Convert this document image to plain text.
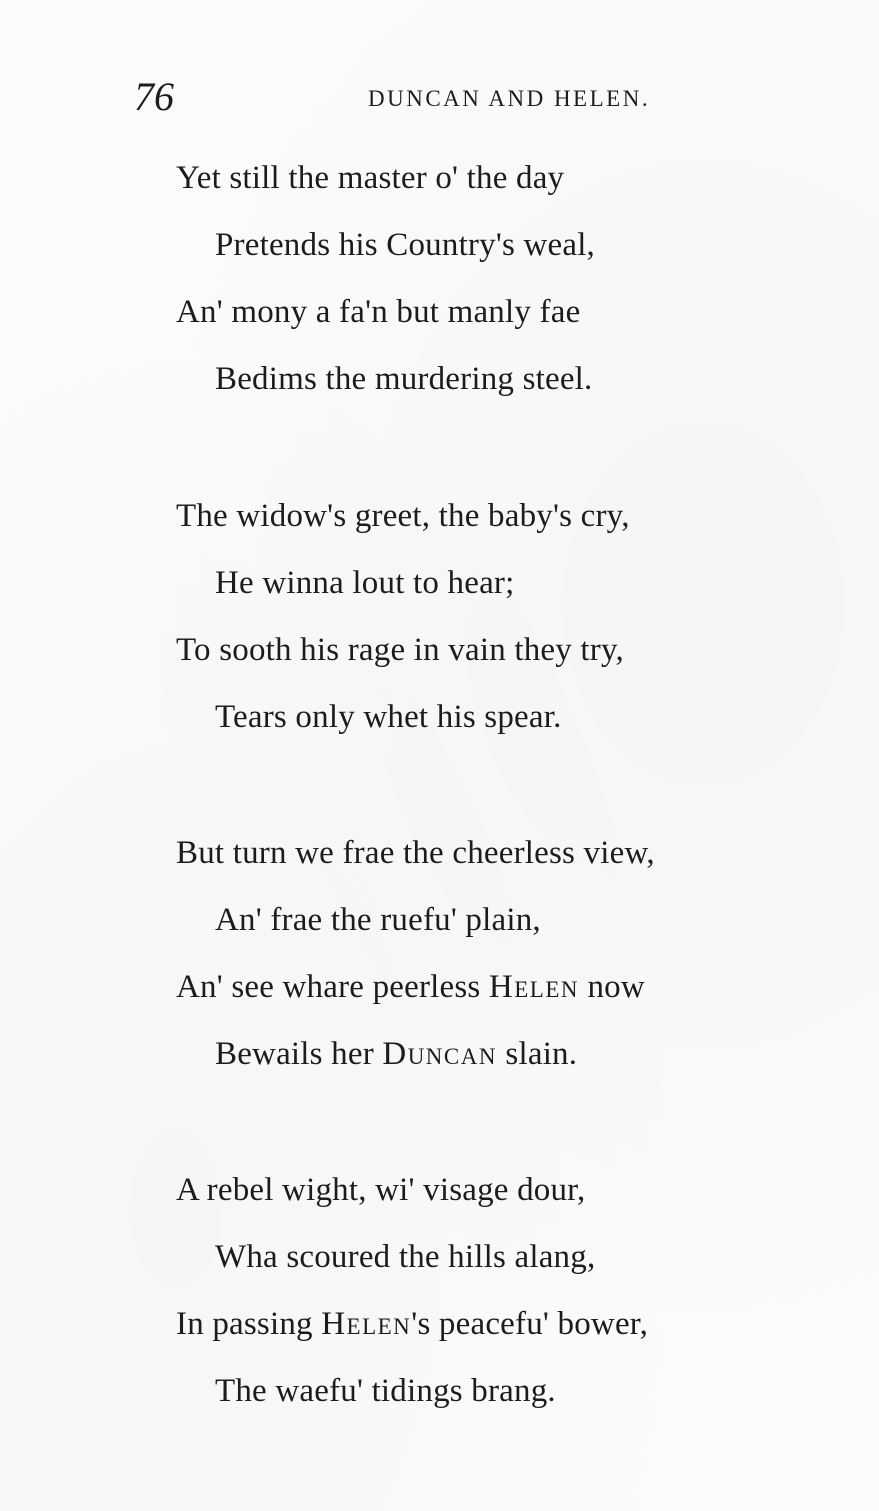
76	DUNCAN AND HELEN.
Yet still the master o' the day
Pretends his Country's weal,
An' mony a fa'n but manly fae
Bedims the murdering steel.
The widow's greet, the baby's cry,
He winna lout to hear;
To sooth his rage in vain they try,
Tears only whet his spear.
But turn we frae the cheerless view,
An' frae the ruefu' plain,
An' see whare peerless Helen now
Bewails her Duncan slain.
A rebel wight, wi' visage dour,
Wha scoured the hills alang,
In passing Helen's peacefu' bower,
The waefu' tidings brang.
